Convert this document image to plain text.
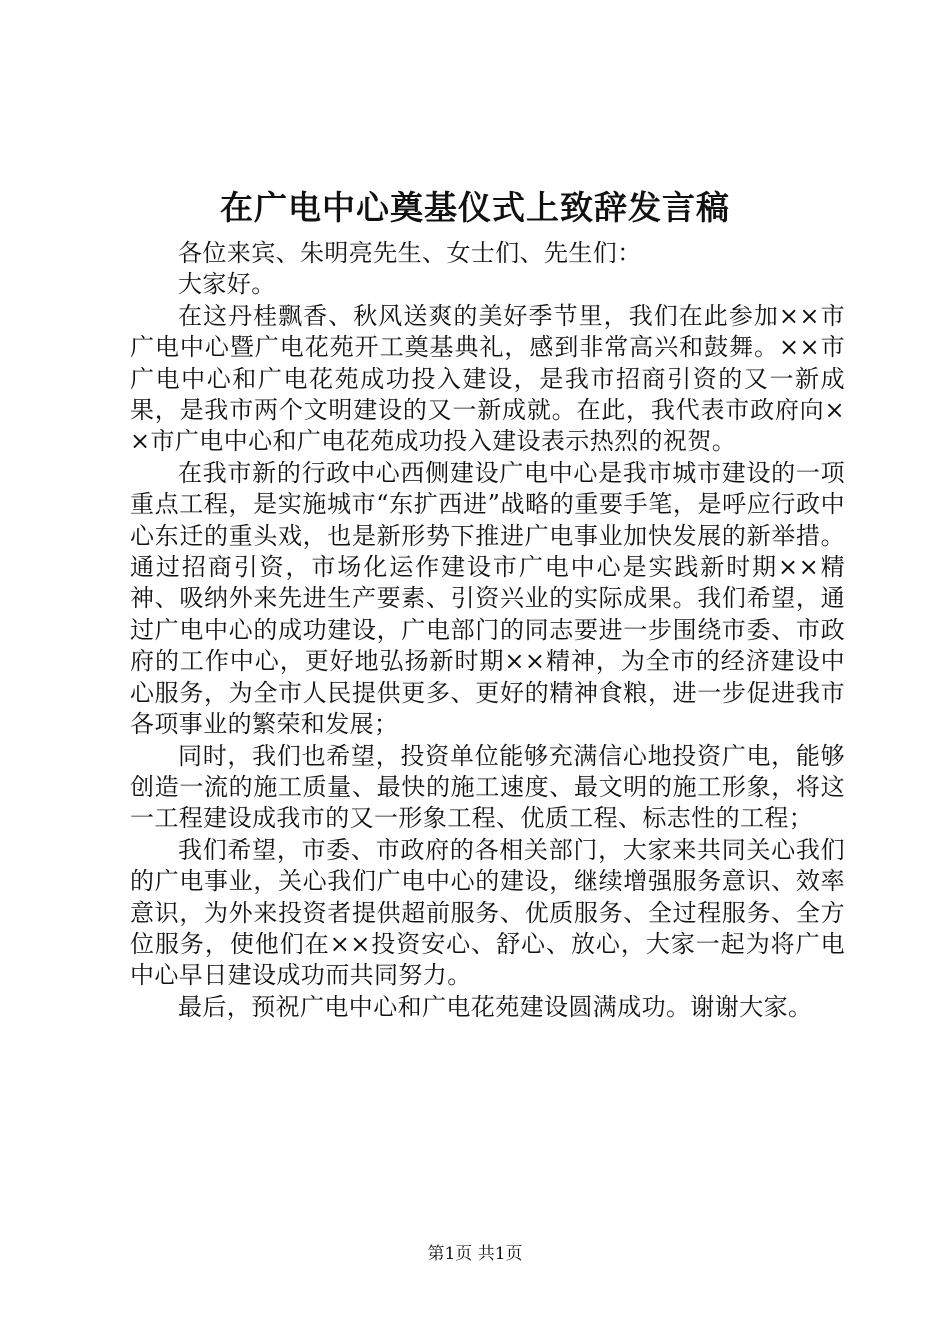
在广电中心奠基仪式上致辞发言稿

各位来宾、朱明亮先生、女士们、先生们：

大家好。

在这丹桂飘香、秋风送爽的美好季节里，我们在此参加××市广电中心暨广电花苑开工奠基典礼，感到非常高兴和鼓舞。××市广电中心和广电花苑成功投入建设，是我市招商引资的又一新成果，是我市两个文明建设的又一新成就。在此，我代表市政府向××市广电中心和广电花苑成功投入建设表示热烈的祝贺。

在我市新的行政中心西侧建设广电中心是我市城市建设的一项重点工程，是实施城市“东扩西进”战略的重要手笔，是呼应行政中心东迁的重头戏，也是新形势下推进广电事业加快发展的新举措。通过招商引资，市场化运作建设市广电中心是实践新时期××精神、吸纳外来先进生产要素、引资兴业的实际成果。我们希望，通过广电中心的成功建设，广电部门的同志要进一步围绕市委、市政府的工作中心，更好地弘扬新时期××精神，为全市的经济建设中心服务，为全市人民提供更多、更好的精神食粮，进一步促进我市各项事业的繁荣和发展；

同时，我们也希望，投资单位能够充满信心地投资广电，能够创造一流的施工质量、最快的施工速度、最文明的施工形象，将这一工程建设成我市的又一形象工程、优质工程、标志性的工程；

我们希望，市委、市政府的各相关部门，大家来共同关心我们的广电事业，关心我们广电中心的建设，继续增强服务意识、效率意识，为外来投资者提供超前服务、优质服务、全过程服务、全方位服务，使他们在××投资安心、舒心、放心，大家一起为将广电中心早日建设成功而共同努力。

最后，预祝广电中心和广电花苑建设圆满成功。谢谢大家。

第1页 共1页
